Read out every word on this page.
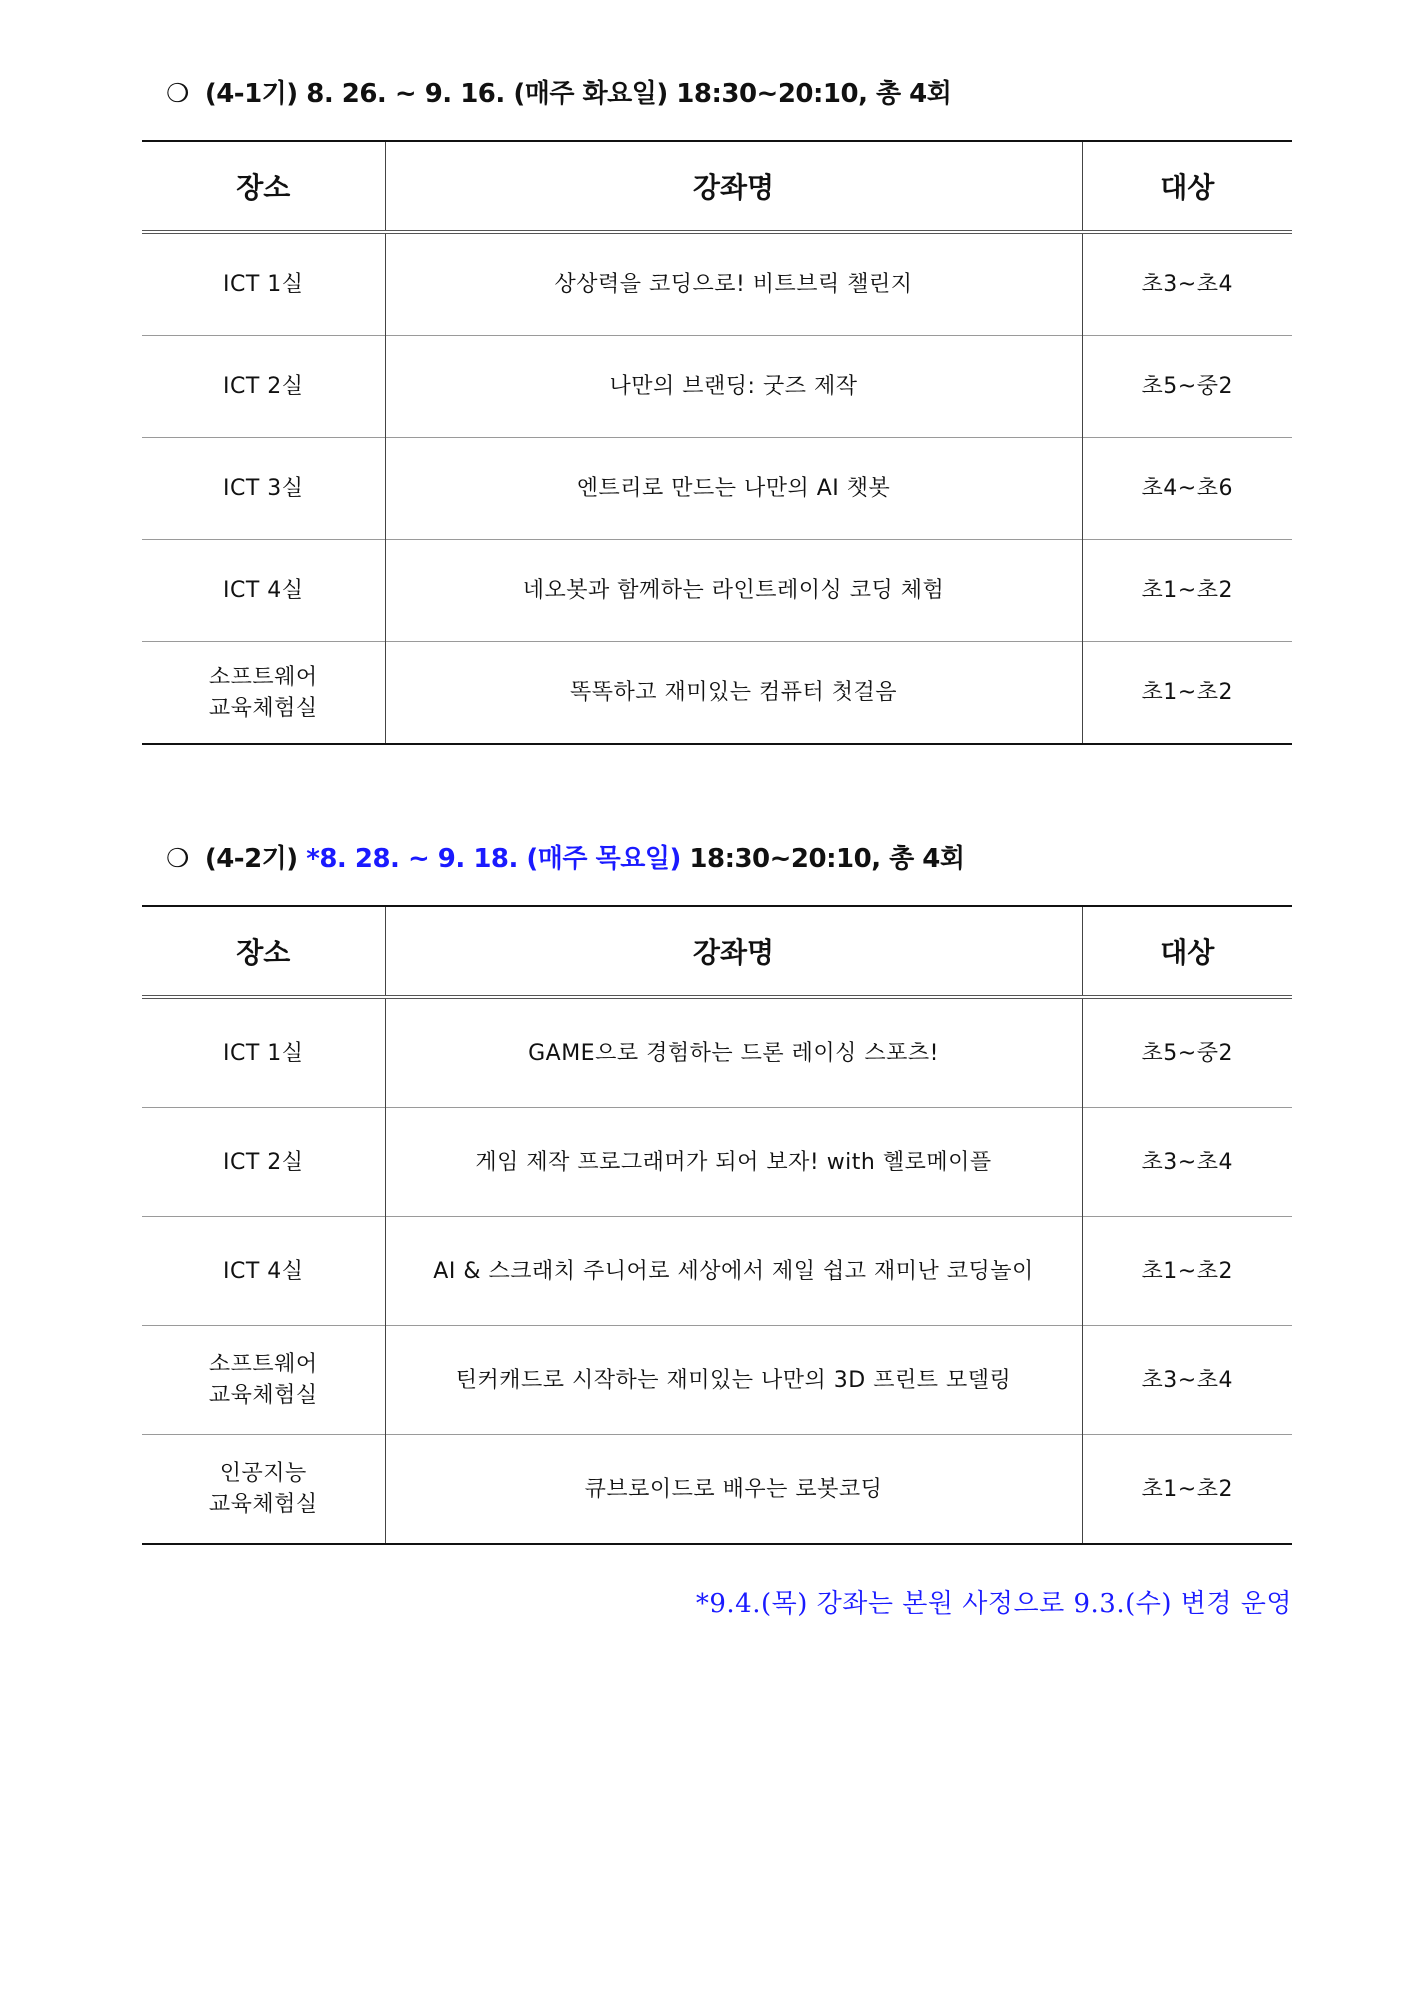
❍ (4-1기) 8. 26. ~ 9. 16. (매주 화요일) 18:30~20:10, 총 4회
장소	강좌명	대상

ICT 1실	상상력을 코딩으로! 비트브릭 챌린지	초3~초4

ICT 2실	나만의 브랜딩: 굿즈 제작	초5~중2

ICT 3실	엔트리로 만드는 나만의 AI 챗봇	초4~초6

ICT 4실	네오봇과 함께하는 라인트레이싱 코딩 체험	초1~초2

소프트웨어
교육체험실	똑똑하고 재미있는 컴퓨터 첫걸음	초1~초2
❍ (4-2기) *8. 28. ~ 9. 18. (매주 목요일) 18:30~20:10, 총 4회
장소	강좌명	대상

ICT 1실	GAME으로 경험하는 드론 레이싱 스포츠!	초5~중2

ICT 2실	게임 제작 프로그래머가 되어 보자! with 헬로메이플	초3~초4

ICT 4실	AI & 스크래치 주니어로 세상에서 제일 쉽고 재미난 코딩놀이	초1~초2

소프트웨어
교육체험실	틴커캐드로 시작하는 재미있는 나만의 3D 프린트 모델링	초3~초4

인공지능
교육체험실	큐브로이드로 배우는 로봇코딩	초1~초2
*9.4.(목) 강좌는 본원 사정으로 9.3.(수) 변경 운영
